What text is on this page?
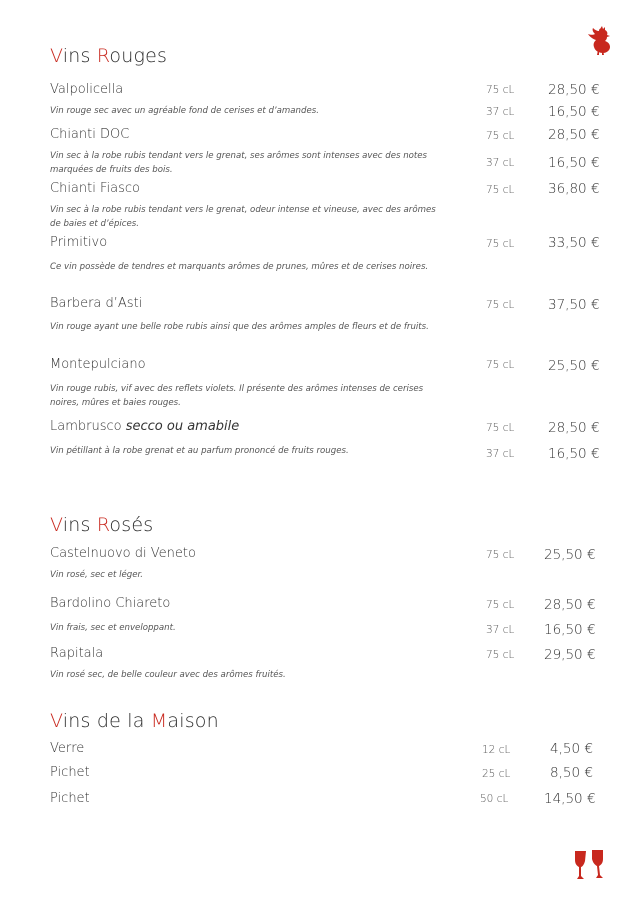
Vins Rouges
Valpolicella
Vin rouge sec avec un agréable fond de cerises et d’amandes.
75 cL 28,50 €
37 cL 16,50 €
Chianti DOC
Vin sec à la robe rubis tendant vers le grenat, ses arômes sont intenses avec des notes marquées de fruits des bois.
75 cL 28,50 €
37 cL 16,50 €
Chianti Fiasco
Vin sec à la robe rubis tendant vers le grenat, odeur intense et vineuse, avec des arômes de baies et d’épices.
75 cL 36,80 €
Primitivo
Ce vin possède de tendres et marquants arômes de prunes, mûres et de cerises noires.
75 cL 33,50 €
Barbera d’Asti
Vin rouge ayant une belle robe rubis ainsi que des arômes amples de fleurs et de fruits.
75 cL 37,50 €
Montepulciano
Vin rouge rubis, vif avec des reflets violets. Il présente des arômes intenses de cerises noires, mûres et baies rouges.
75 cL 25,50 €
Lambrusco secco ou amabile
Vin pétillant à la robe grenat et au parfum prononcé de fruits rouges.
75 cL 28,50 €
37 cL 16,50 €
Vins Rosés
Castelnuovo di Veneto
Vin rosé, sec et léger.
75 cL 25,50 €
Bardolino Chiareto
Vin frais, sec et enveloppant.
75 cL 28,50 €
37 cL 16,50 €
Rapitala
Vin rosé sec, de belle couleur avec des arômes fruités.
75 cL 29,50 €
Vins de la Maison
Verre	12 cL	4,50 €
Pichet	25 cL	8,50 €
Pichet	50 cL	14,50 €
